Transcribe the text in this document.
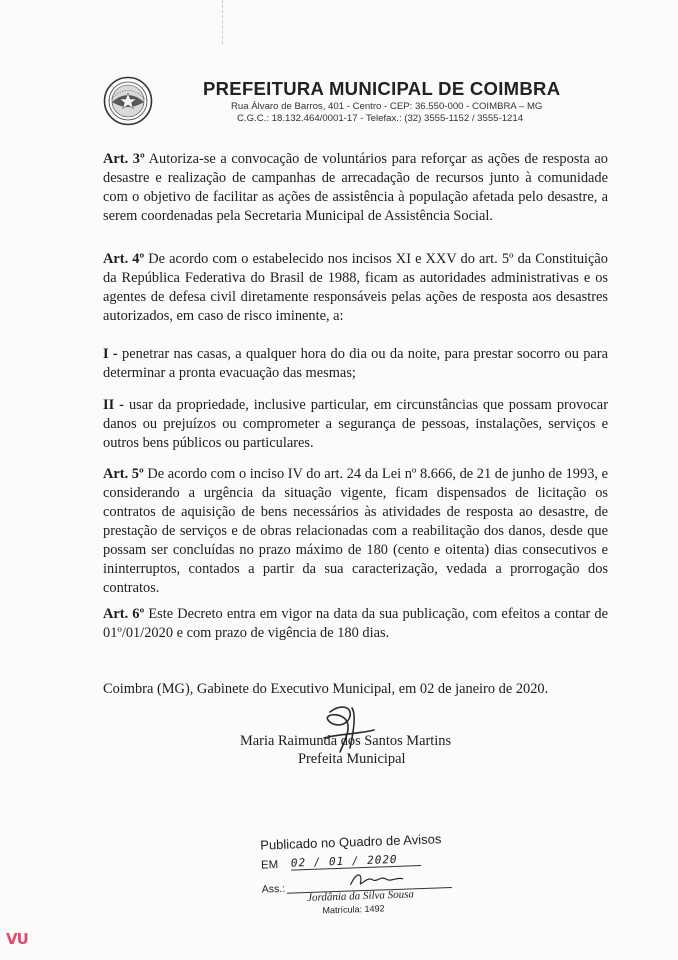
PREFEITURA MUNICIPAL DE COIMBRA
Rua Álvaro de Barros, 401 - Centro - CEP: 36.550-000 - COIMBRA – MG
C.G.C.: 18.132.464/0001-17 - Telefax.: (32) 3555-1152 / 3555-1214
Art. 3º Autoriza-se a convocação de voluntários para reforçar as ações de resposta ao desastre e realização de campanhas de arrecadação de recursos junto à comunidade com o objetivo de facilitar as ações de assistência à população afetada pelo desastre, a serem coordenadas pela Secretaria Municipal de Assistência Social.
Art. 4º De acordo com o estabelecido nos incisos XI e XXV do art. 5º da Constituição da República Federativa do Brasil de 1988, ficam as autoridades administrativas e os agentes de defesa civil diretamente responsáveis pelas ações de resposta aos desastres autorizados, em caso de risco iminente, a:
I - penetrar nas casas, a qualquer hora do dia ou da noite, para prestar socorro ou para determinar a pronta evacuação das mesmas;
II - usar da propriedade, inclusive particular, em circunstâncias que possam provocar danos ou prejuízos ou comprometer a segurança de pessoas, instalações, serviços e outros bens públicos ou particulares.
Art. 5º De acordo com o inciso IV do art. 24 da Lei nº 8.666, de 21 de junho de 1993, e considerando a urgência da situação vigente, ficam dispensados de licitação os contratos de aquisição de bens necessários às atividades de resposta ao desastre, de prestação de serviços e de obras relacionadas com a reabilitação dos danos, desde que possam ser concluídas no prazo máximo de 180 (cento e oitenta) dias consecutivos e ininterruptos, contados a partir da sua caracterização, vedada a prorrogação dos contratos.
Art. 6º Este Decreto entra em vigor na data da sua publicação, com efeitos a contar de 01º/01/2020 e com prazo de vigência de 180 dias.
Coimbra (MG), Gabinete do Executivo Municipal, em 02 de janeiro de 2020.
Maria Raimunda dos Santos Martins
Prefeita Municipal
Publicado no Quadro de Avisos
EM 02 / 01 / 2020
Ass.: Jordânia da Silva Sousa
Matrícula: 1492
VU
